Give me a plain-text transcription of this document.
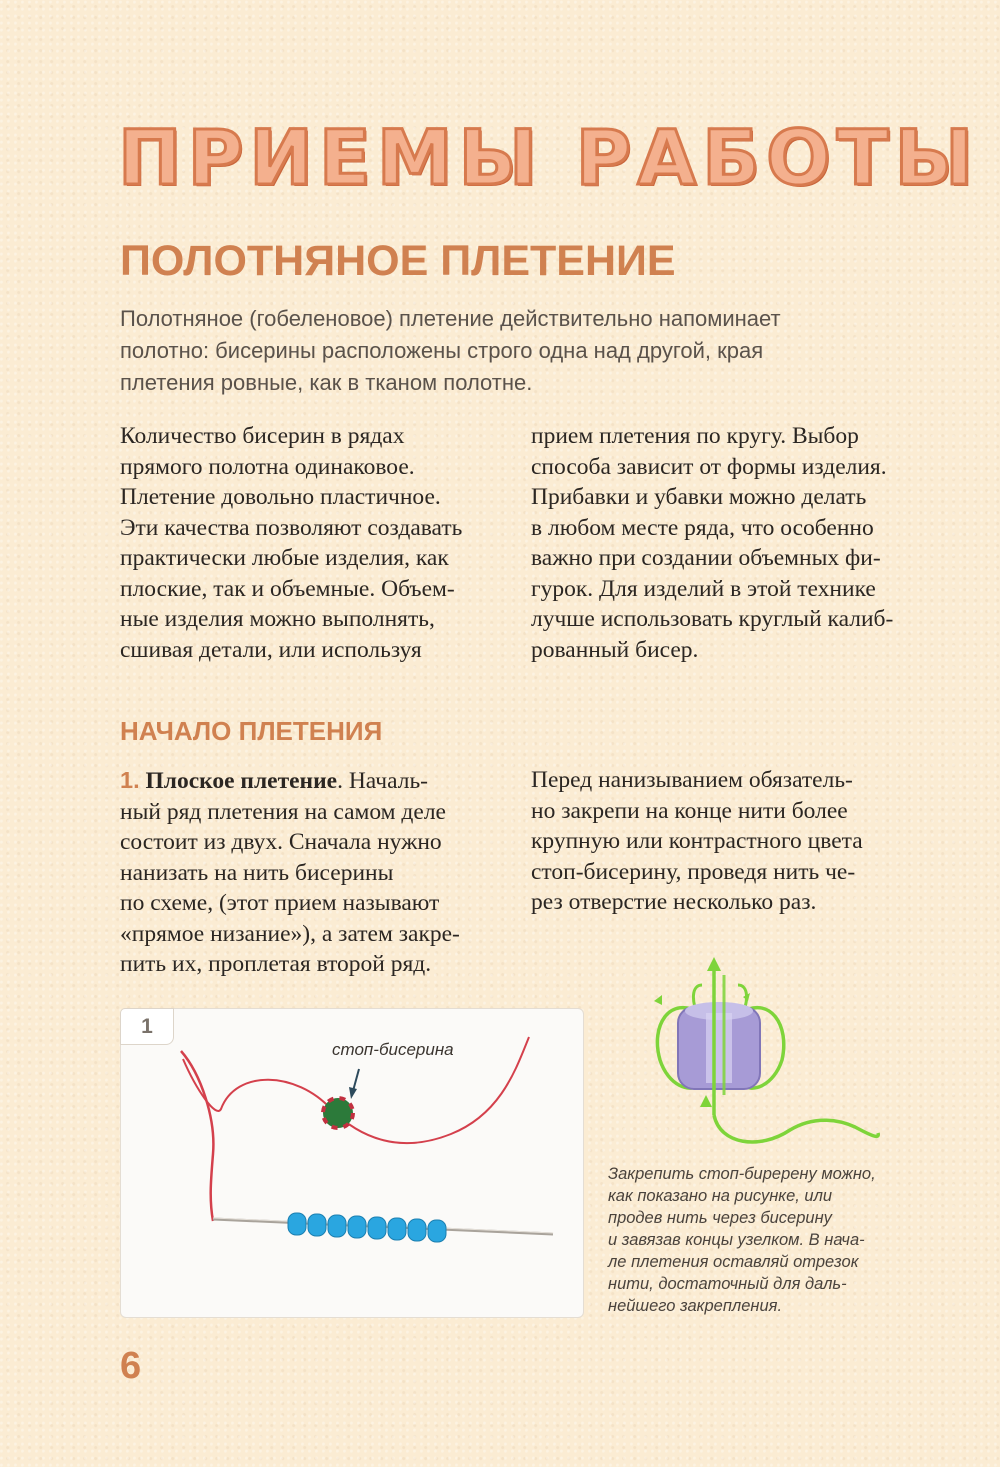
ПРИЕМЫ РАБОТЫ
ПОЛОТНЯНОЕ ПЛЕТЕНИЕ
Полотняное (гобеленовое) плетение действительно напоминает
полотно: бисерины расположены строго одна над другой, края
плетения ровные, как в тканом полотне.

Количество бисерин в рядах

прямого полотна одинаковое.

Плетение довольно пластичное.

Эти качества позволяют создавать

практически любые изделия, как

плоские, так и объемные. Объем-

ные изделия можно выполнять,

сшивая детали, или используя

прием плетения по кругу. Выбор

способа зависит от формы изделия.

Прибавки и убавки можно делать

в любом месте ряда, что особенно

важно при создании объемных фи-

гурок. Для изделий в этой технике

лучше использовать круглый калиб-

рованный бисер.

НАЧАЛО ПЛЕТЕНИЯ

1. Плоское плетение. Началь-

ный ряд плетения на самом деле

состоит из двух. Сначала нужно

нанизать на нить бисерины

по схеме, (этот прием называют

«прямое низание»), а затем закре-

пить их, проплетая второй ряд.

Перед нанизыванием обязатель-

но закрепи на конце нити более

крупную или контрастного цвета

стоп-бисерину, проведя нить че-

рез отверстие несколько раз.

1
стоп-бисерина

Закрепить стоп-биререну можно,

как показано на рисунке, или

продев нить через бисерину

и завязав концы узелком. В нача-

ле плетения оставляй отрезок

нити, достаточный для даль-

нейшего закрепления.

6
